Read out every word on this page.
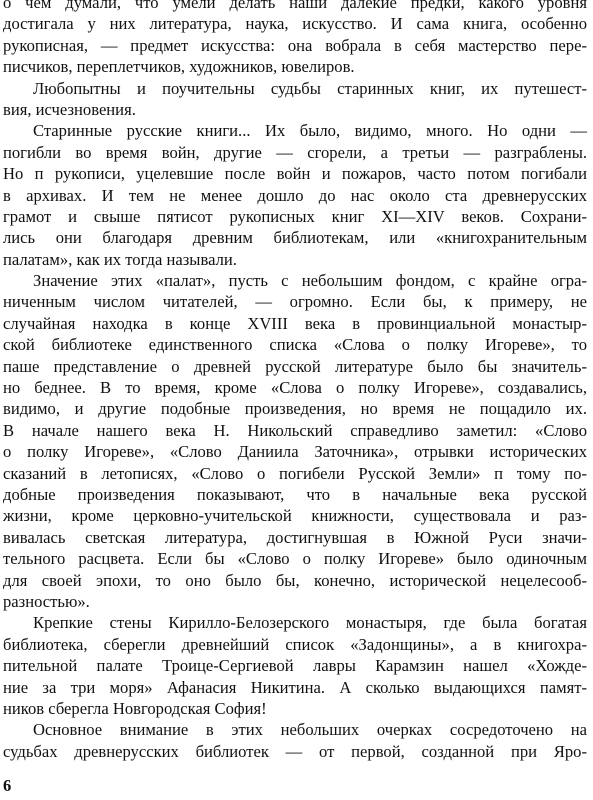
о чем думали, что умели делать наши далекие предки, какого уровня
достигала у них литература, наука, искусство. И сама книга, особенно
рукописная, — предмет искусства: она вобрала в себя мастерство пере-
писчиков, переплетчиков, художников, ювелиров.
Любопытны и поучительны судьбы старинных книг, их путешест-
вия, исчезновения.
Старинные русские книги... Их было, видимо, много. Но одни —
погибли во время войн, другие — сгорели, а третьи — разграблены.
Но п рукописи, уцелевшие после войн и пожаров, часто потом погибали
в архивах. И тем не менее дошло до нас около ста древнерусских
грамот и свыше пятисот рукописных книг XI—XIV веков. Сохрани-
лись они благодаря древним библиотекам, или «книгохранительным
палатам», как их тогда называли.
Значение этих «палат», пусть с небольшим фондом, с крайне огра-
ниченным числом читателей, — огромно. Если бы, к примеру, не
случайная находка в конце XVIII века в провинциальной монастыр-
ской библиотеке единственного списка «Слова о полку Игореве», то
паше представление о древней русской литературе было бы значитель-
но беднее. В то время, кроме «Слова о полку Игореве», создавались,
видимо, и другие подобные произведения, но время не пощадило их.
В начале нашего века Н. Никольский справедливо заметил: «Слово
о полку Игореве», «Слово Даниила Заточника», отрывки исторических
сказаний в летописях, «Слово о погибели Русской Земли» п тому по-
добные произведения показывают, что в начальные века русской
жизни, кроме церковно-учительской книжности, существовала и раз-
вивалась светская литература, достигнувшая в Южной Руси значи-
тельного расцвета. Если бы «Слово о полку Игореве» было одиночным
для своей эпохи, то оно было бы, конечно, исторической нецелесооб-
разностью».
Крепкие стены Кирилло-Белозерского монастыря, где была богатая
библиотека, сберегли древнейший список «Задонщины», а в книгохра-
пительной палате Троице-Сергиевой лавры Карамзин нашел «Хожде-
ние за три моря» Афанасия Никитина. А сколько выдающихся памят-
ников сберегла Новгородская София!
Основное внимание в этих небольших очерках сосредоточено на
судьбах древнерусских библиотек — от первой, созданной при Яро-
6
